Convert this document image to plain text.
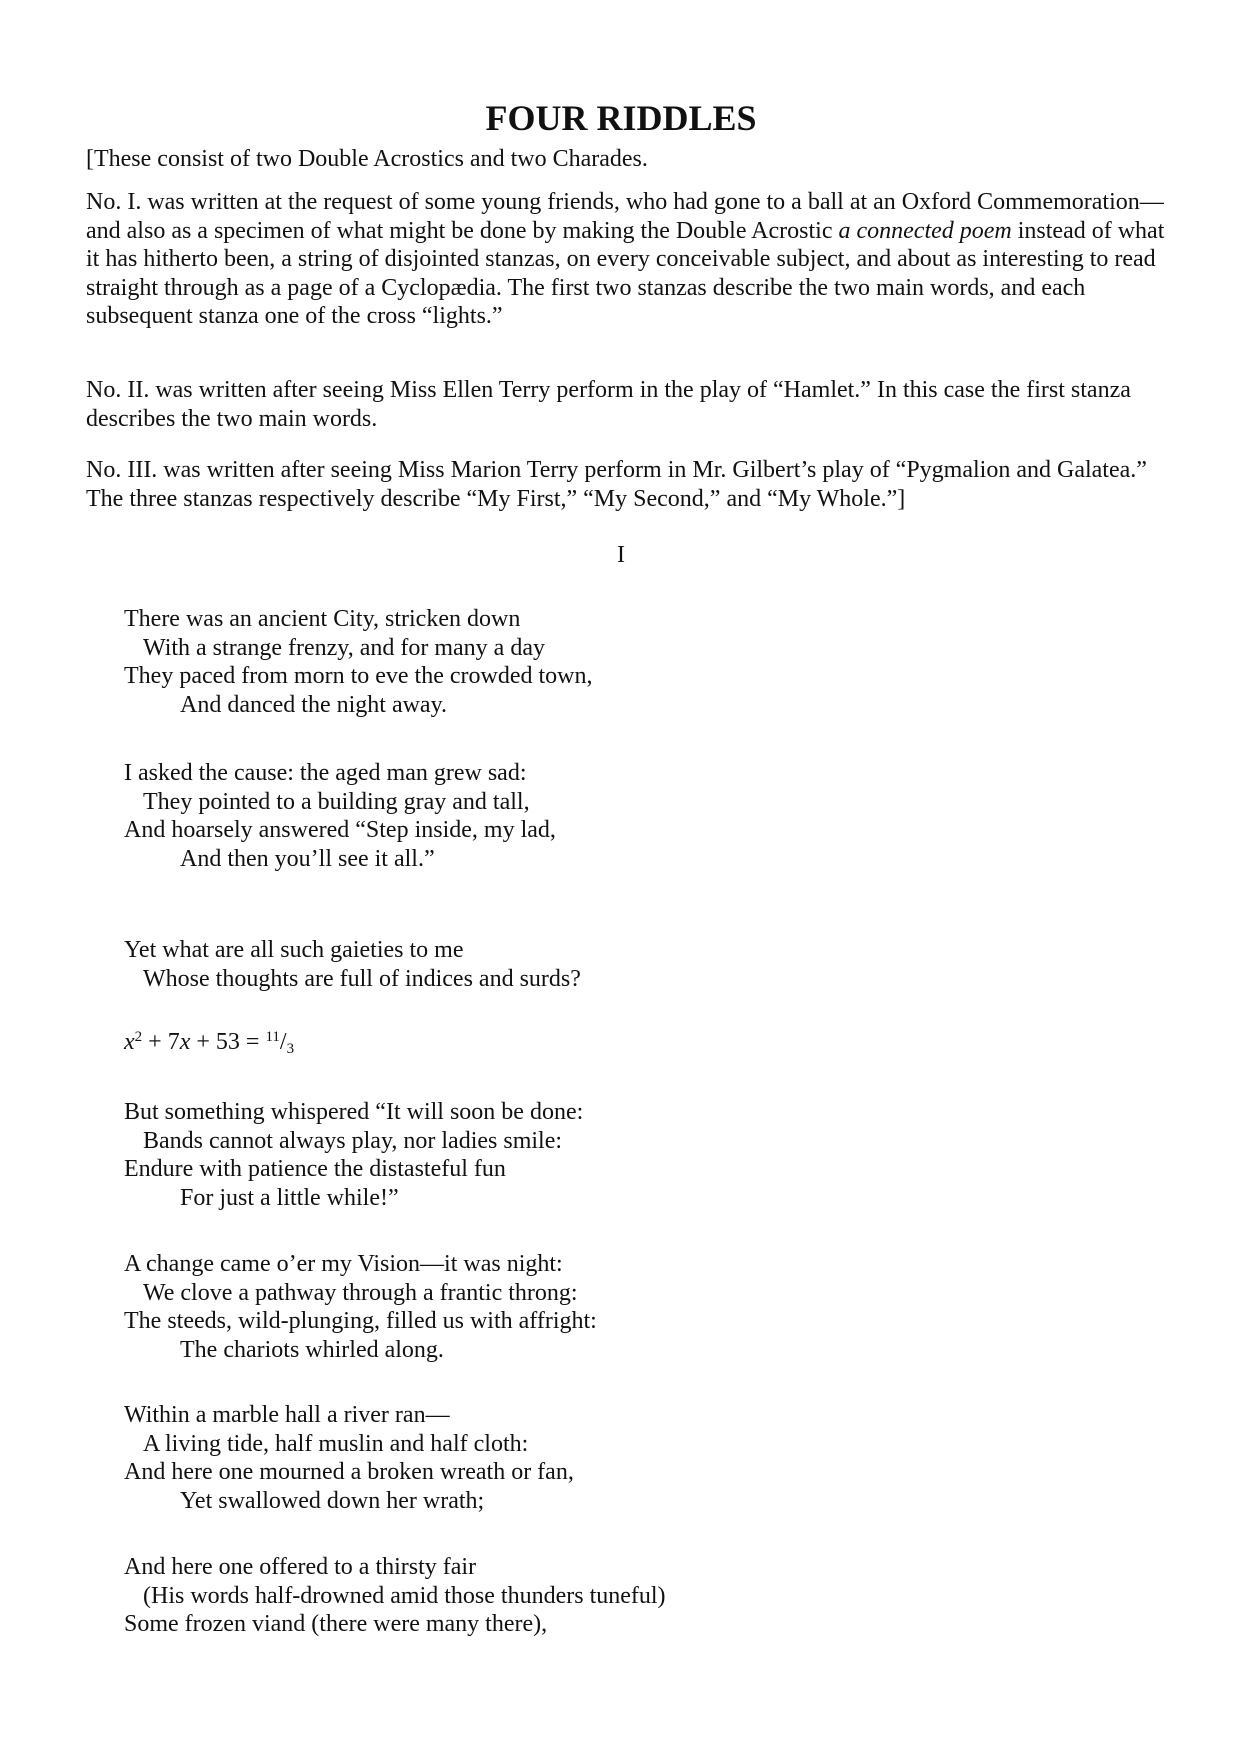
FOUR RIDDLES

[These consist of two Double Acrostics and two Charades.

No. I. was written at the request of some young friends, who had gone to a ball at an Oxford Commemoration—and also as a specimen of what might be done by making the Double Acrostic a connected poem instead of what it has hitherto been, a string of disjointed stanzas, on every conceivable subject, and about as interesting to read straight through as a page of a Cyclopædia. The first two stanzas describe the two main words, and each subsequent stanza one of the cross “lights.”

No. II. was written after seeing Miss Ellen Terry perform in the play of “Hamlet.” In this case the first stanza describes the two main words.

No. III. was written after seeing Miss Marion Terry perform in Mr. Gilbert’s play of “Pygmalion and Galatea.” The three stanzas respectively describe “My First,” “My Second,” and “My Whole.”]

I
There was an ancient City, stricken down
With a strange frenzy, and for many a day
They paced from morn to eve the crowded town,
And danced the night away.
I asked the cause: the aged man grew sad:
They pointed to a building gray and tall,
And hoarsely answered “Step inside, my lad,
And then you’ll see it all.”
Yet what are all such gaieties to me
Whose thoughts are full of indices and surds?
$x^2 + 7x + 53 = ^{11}/_3$
But something whispered “It will soon be done:
Bands cannot always play, nor ladies smile:
Endure with patience the distasteful fun
For just a little while!”
A change came o’er my Vision—it was night:
We clove a pathway through a frantic throng:
The steeds, wild-plunging, filled us with affright:
The chariots whirled along.
Within a marble hall a river ran—
A living tide, half muslin and half cloth:
And here one mourned a broken wreath or fan,
Yet swallowed down her wrath;
And here one offered to a thirsty fair
(His words half-drowned amid those thunders tuneful)
Some frozen viand (there were many there),
